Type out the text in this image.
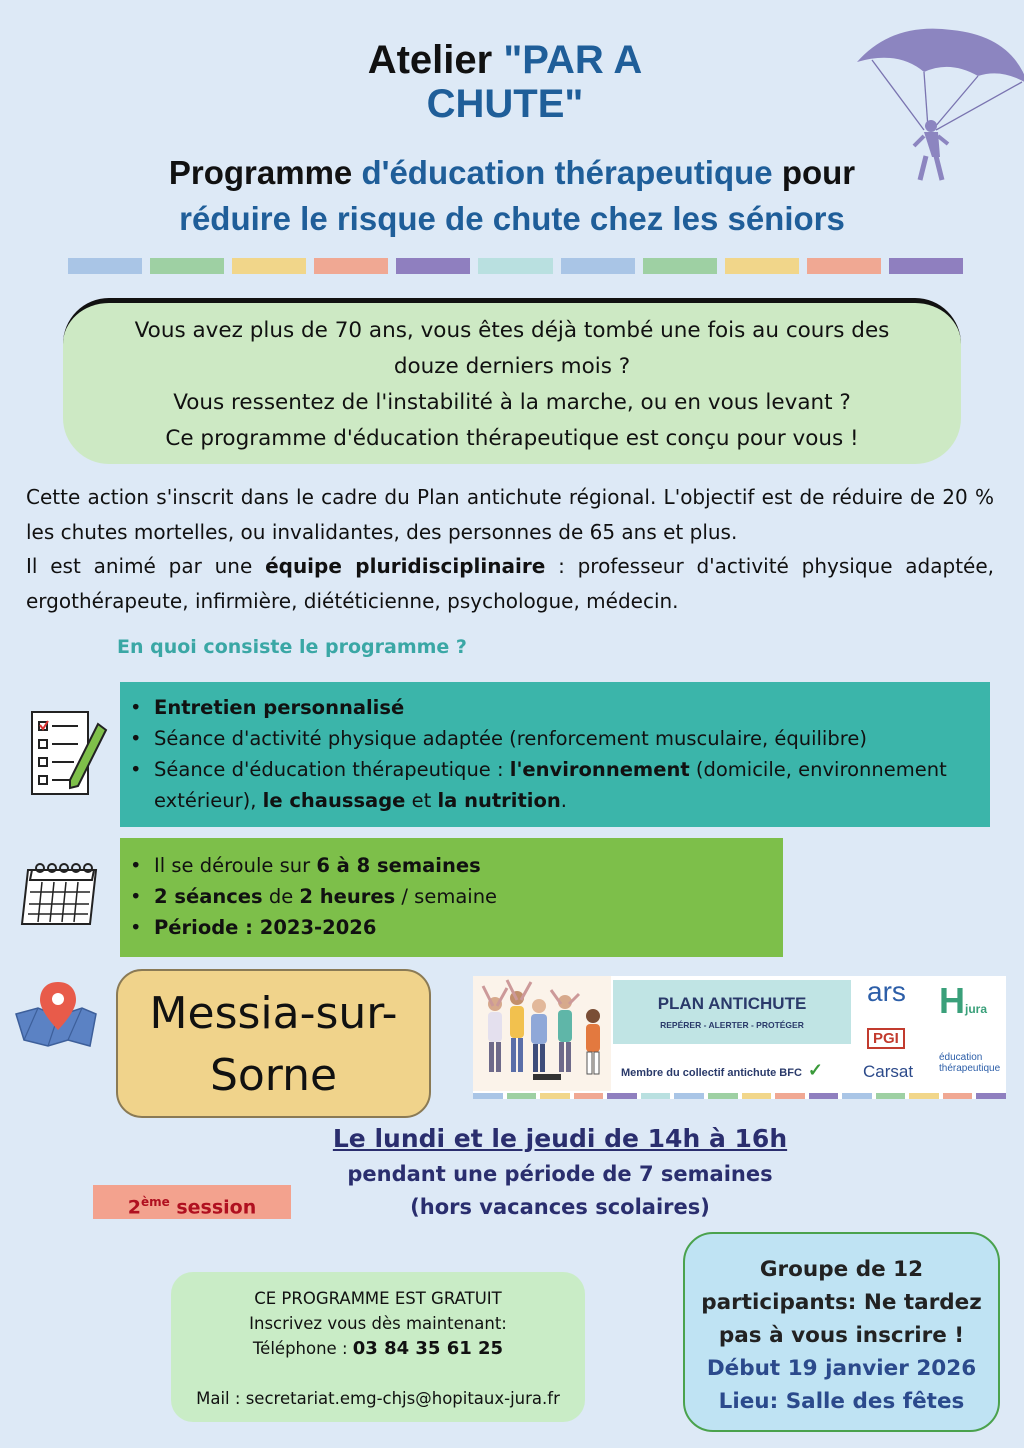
Atelier "PAR A
CHUTE"
Programme d'éducation thérapeutique pour
réduire le risque de chute chez les séniors
Vous avez plus de 70 ans, vous êtes déjà tombé une fois au cours des
douze derniers mois ?
Vous ressentez de l'instabilité à la marche, ou en vous levant ?
Ce programme d'éducation thérapeutique est conçu pour vous !
Cette action s'inscrit dans le cadre du Plan antichute régional. L'objectif est de réduire de 20 % les chutes mortelles, ou invalidantes, des personnes de 65 ans et plus.
Il est animé par une équipe pluridisciplinaire : professeur d'activité physique adaptée, ergothérapeute, infirmière, diététicienne, psychologue, médecin.
En quoi consiste le programme ?
• Entretien personnalisé
• Séance d'activité physique adaptée (renforcement musculaire, équilibre)
• Séance d'éducation thérapeutique : l'environnement (domicile, environnement extérieur), le chaussage et la nutrition.
• Il se déroule sur 6 à 8 semaines
• 2 séances de 2 heures / semaine
• Période : 2023-2026
Messia-sur-
Sorne
PLAN ANTICHUTE
REPÉRER - ALERTER - PROTÉGER
Membre du collectif antichute BFC ✓
ars Hjura
PGI
Carsat
éducation thérapeutique
Le lundi et le jeudi de 14h à 16h
pendant une période de 7 semaines
(hors vacances scolaires)
2ème session
CE PROGRAMME EST GRATUIT
Inscrivez vous dès maintenant:
Téléphone : 03 84 35 61 25
Mail : secretariat.emg-chjs@hopitaux-jura.fr
Groupe de 12
participants: Ne tardez
pas à vous inscrire !
Début 19 janvier 2026
Lieu: Salle des fêtes
